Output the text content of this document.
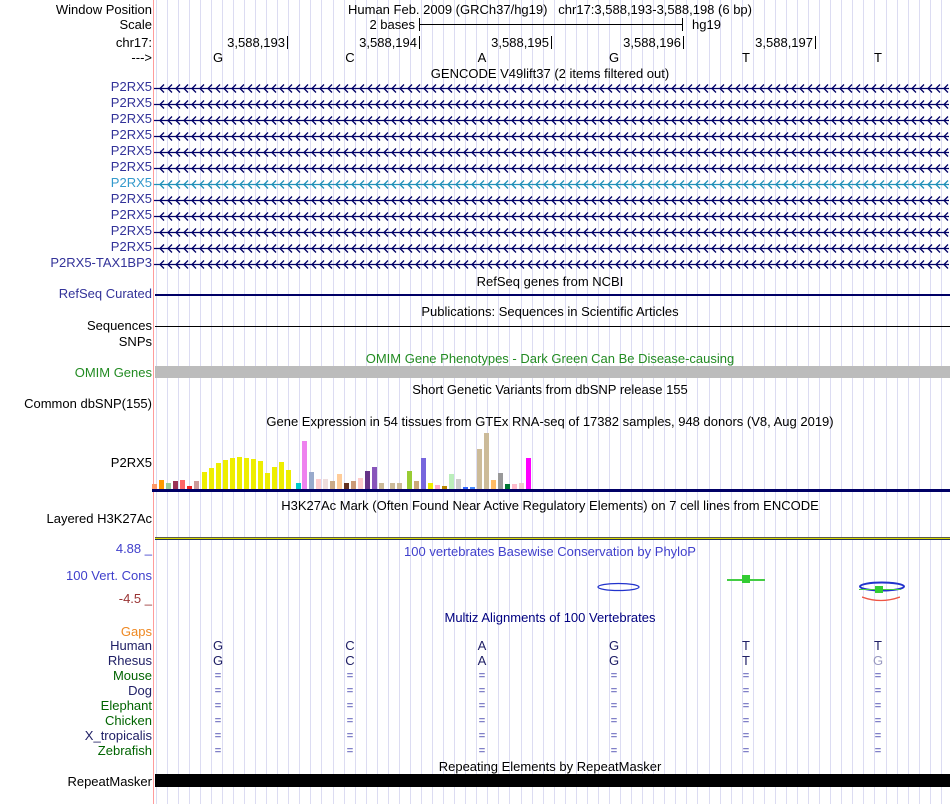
Window Position	Human Feb. 2009 (GRCh37/hg19)   chr17:3,588,193-3,588,198 (6 bp)
Scale	2 bases	hg19
chr17:	3,588,193	3,588,194	3,588,195	3,588,196	3,588,197
--->	G	C	A	G	T	T
GENCODE V49lift37 (2 items filtered out)
P2RX5
P2RX5
P2RX5
P2RX5
P2RX5
P2RX5
P2RX5
P2RX5
P2RX5
P2RX5
P2RX5
P2RX5-TAX1BP3
RefSeq genes from NCBI
RefSeq Curated
Publications: Sequences in Scientific Articles
Sequences
SNPs
OMIM Gene Phenotypes - Dark Green Can Be Disease-causing
OMIM Genes
Short Genetic Variants from dbSNP release 155
Common dbSNP(155)
Gene Expression in 54 tissues from GTEx RNA-seq of 17382 samples, 948 donors (V8, Aug 2019)
P2RX5
H3K27Ac Mark (Often Found Near Active Regulatory Elements) on 7 cell lines from ENCODE
Layered H3K27Ac
4.88 _	100 vertebrates Basewise Conservation by PhyloP
100 Vert. Cons
-4.5 _
Multiz Alignments of 100 Vertebrates
Gaps
Human	G	C	A	G	T	T
Rhesus	G	C	A	G	T	G
Mouse	=	=	=	=	=	=
Dog	=	=	=	=	=	=
Elephant	=	=	=	=	=	=
Chicken	=	=	=	=	=	=
X_tropicalis	=	=	=	=	=	=
Zebrafish	=	=	=	=	=	=
Repeating Elements by RepeatMasker
RepeatMasker
